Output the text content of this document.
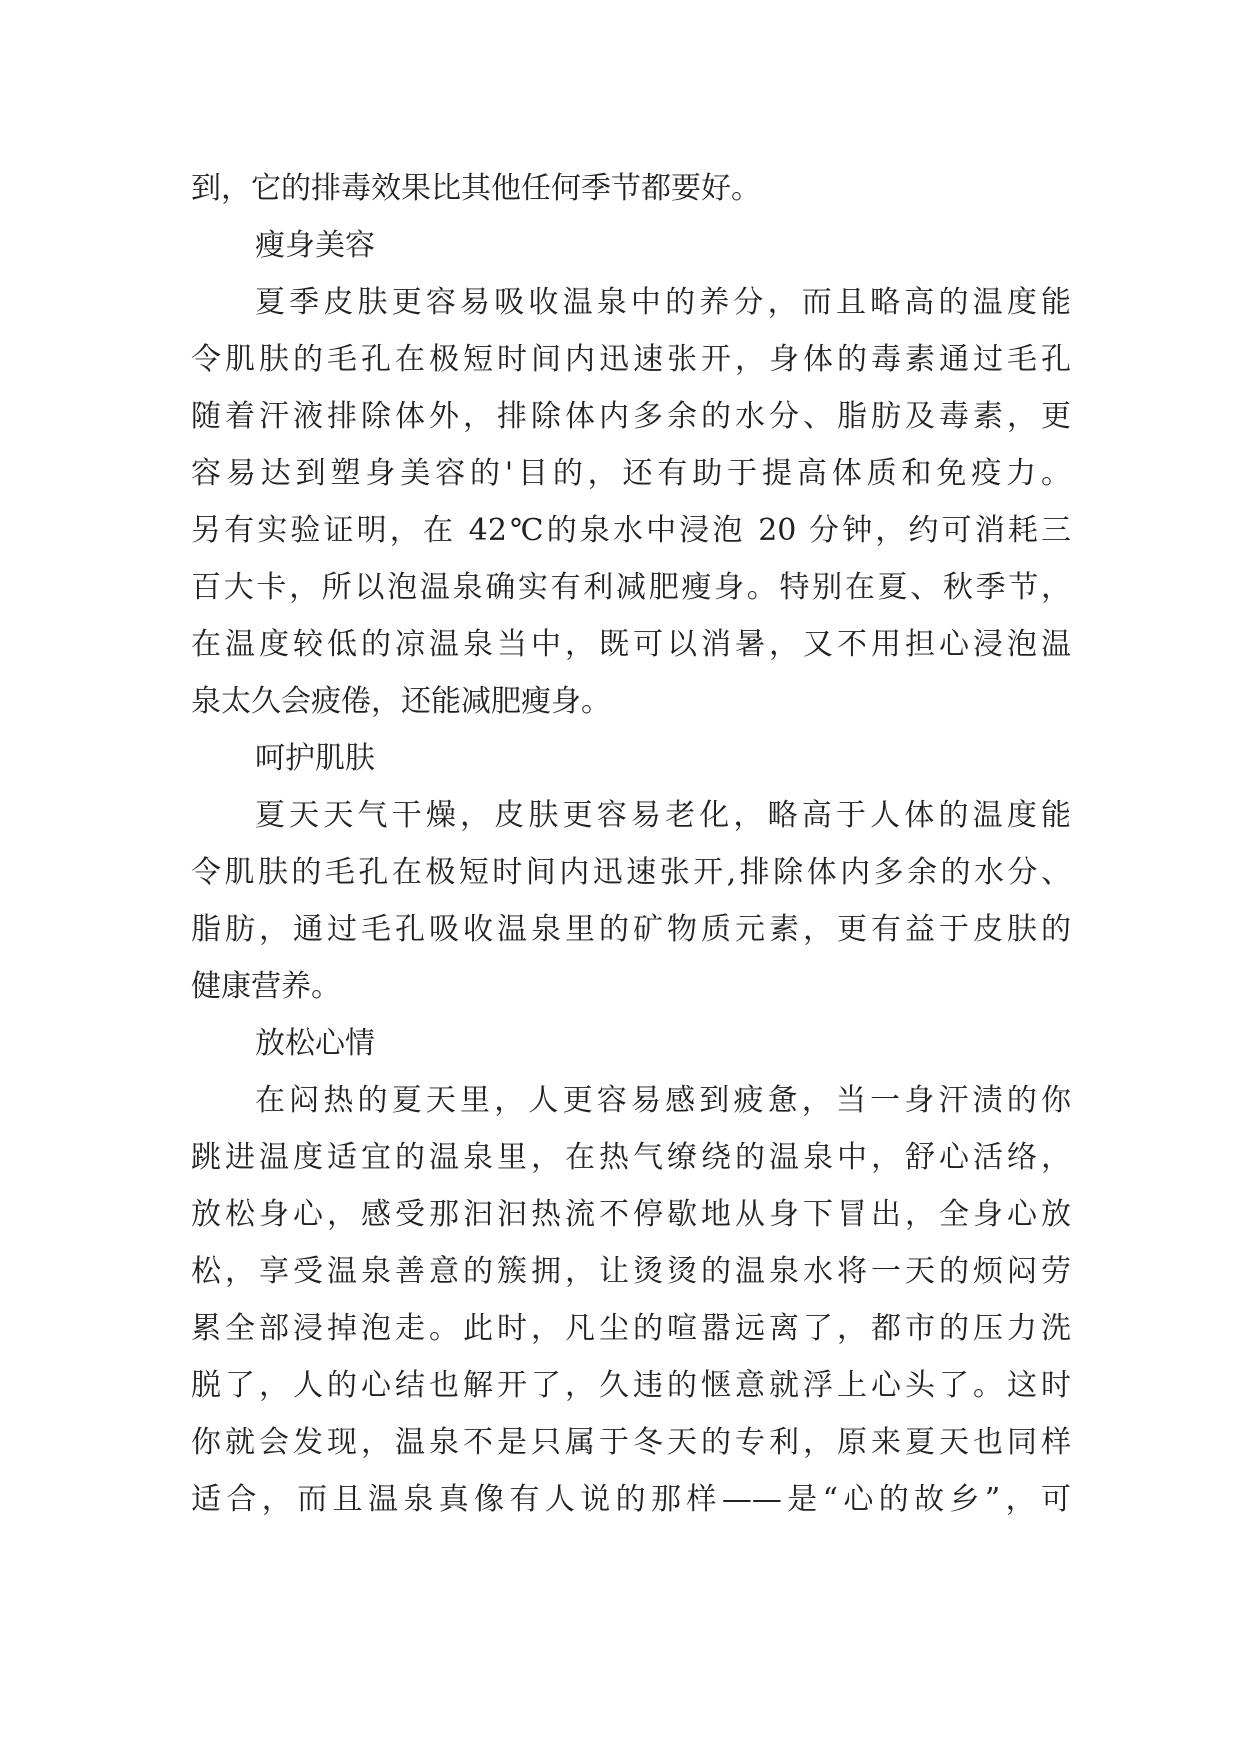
到，它的排毒效果比其他任何季节都要好。
瘦身美容
夏季皮肤更容易吸收温泉中的养分，而且略高的温度能
令肌肤的毛孔在极短时间内迅速张开，身体的毒素通过毛孔
随着汗液排除体外，排除体内多余的水分、脂肪及毒素，更
容易达到塑身美容的'目的，还有助于提高体质和免疫力。
另有实验证明，在 42℃的泉水中浸泡 20 分钟，约可消耗三
百大卡，所以泡温泉确实有利减肥瘦身。特别在夏、秋季节，
在温度较低的凉温泉当中，既可以消暑，又不用担心浸泡温
泉太久会疲倦，还能减肥瘦身。
呵护肌肤
夏天天气干燥，皮肤更容易老化，略高于人体的温度能
令肌肤的毛孔在极短时间内迅速张开,排除体内多余的水分、
脂肪，通过毛孔吸收温泉里的矿物质元素，更有益于皮肤的
健康营养。
放松心情
在闷热的夏天里，人更容易感到疲惫，当一身汗渍的你
跳进温度适宜的温泉里，在热气缭绕的温泉中，舒心活络，
放松身心，感受那汩汩热流不停歇地从身下冒出，全身心放
松，享受温泉善意的簇拥，让烫烫的温泉水将一天的烦闷劳
累全部浸掉泡走。此时，凡尘的喧嚣远离了，都市的压力洗
脱了，人的心结也解开了，久违的惬意就浮上心头了。这时
你就会发现，温泉不是只属于冬天的专利，原来夏天也同样
适合，而且温泉真像有人说的那样——是“心的故乡”，可
